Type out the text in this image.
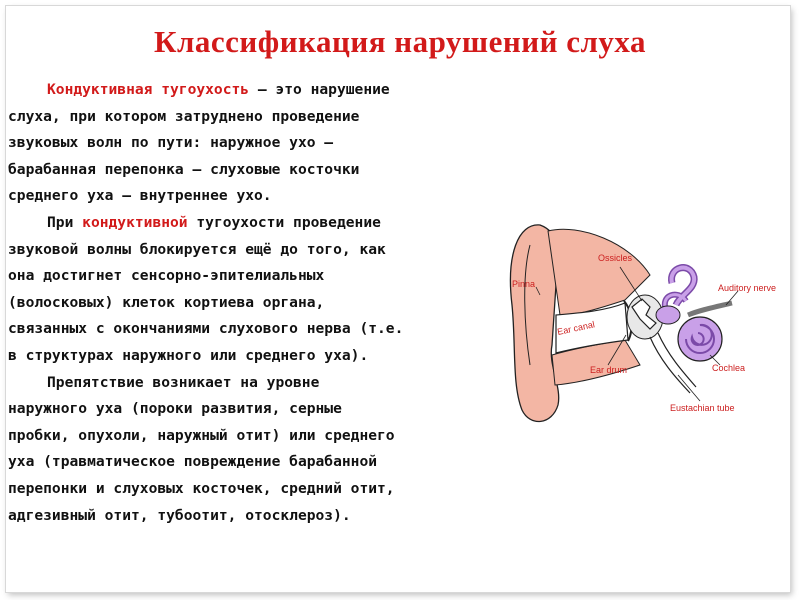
Классификация нарушений слуха

Кондуктивная тугоухость — это нарушение
слуха, при котором затруднено проведение
звуковых волн по пути: наружное ухо —
барабанная перепонка — слуховые косточки
среднего уха — внутреннее ухо.

При кондуктивной тугоухости проведение
звуковой волны блокируется ещё до того, как
она достигнет сенсорно-эпителиальных
(волосковых) клеток кортиева органа,
связанных с окончаниями слухового нерва (т.е.
в структурах наружного или среднего уха).

Препятствие возникает на уровне
наружного уха (пороки развития, серные
пробки, опухоли, наружный отит) или среднего
уха (травматическое повреждение барабанной
перепонки и слуховых косточек, средний отит,
адгезивный отит, тубоотит, отосклероз).

Ossicles
Pinna	Auditory nerve
Ear canal
Ear drum	Cochlea
Eustachian tube
